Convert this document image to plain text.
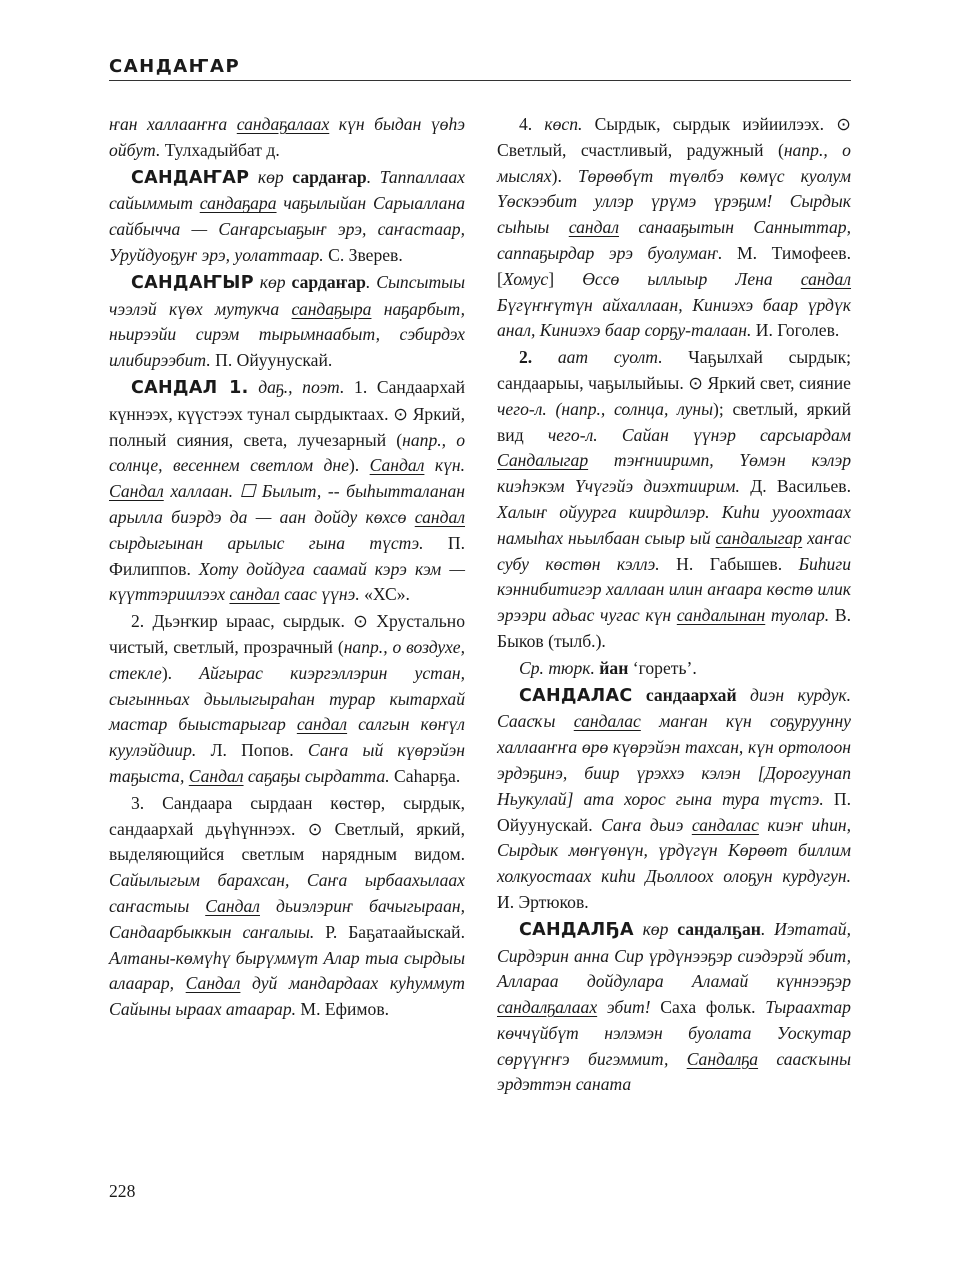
САНДАҤАР

ҥан халлааҥҥа сандаҕалаах күн быдан үөһэ ойбут. Тулхадыйбат д.

САНДАҤАР көр сардаҥар. Таппаллаах сайыммыт сандаҕара чаҕылыйан Сарыаллана сайбычча — Саҥарсыаҕыҥ эрэ, саҥастаар, Уруйдуоҕуҥ эрэ, уолаттаар. С. Зверев.

САНДАҤЫР көр сардаҥар. Сыпсытыы чээлэй күөх мутукча сандаҕыра наҕарбыт, ньирээйи сирэм тырымнаабыт, сэбирдэх илибирээбит. П. Ойуунускай.

САНДАЛ 1. даҕ., поэт. 1. Сандаархай күннээх, күүстээх тунал сырдыктаах. ⊙ Яркий, полный сияния, света, лучезарный (напр., о солнце, весеннем светлом дне). Сандал күн. Сандал халлаан. ☐ Былыт, -- быһытталанан арылла биэрдэ да — аан дойду көхсө сандал сырдыгынан арылыс гына түстэ. П. Филиппов. Хоту дойдуга саамай кэрэ кэм — күүттэриилээх сандал саас үүнэ. «ХС».

2. Дьэҥкир ыраас, сырдык. ⊙ Хрустально чистый, светлый, прозрачный (напр., о воздухе, стекле). Айгырас киэргэллэрин устан, сыгынньах дьылыгыраһан турар кытархай мастар быыстарыгар сандал салгын көҥүл куулэйдиир. Л. Попов. Саҥа ый күөрэйэн таҕыста, Сандал саҕаҕы сырдатта. Саһарҕа.

3. Сандаара сырдаан көстөр, сырдык, сандаархай дьүһүннээх. ⊙ Светлый, яркий, выделяющийся светлым нарядным видом. Сайылыгым барахсан, Саҥа ырбаахылаах саҥастыы Сандал дьиэлэриҥ бачыгыраан, Сандаарбыккын саҥалыы. Р. Баҕатаайыскай. Алтаны-көмүһү бырүммүт Алар тыа сырдыы алаарар, Сандал дуй мандардаах куһуммут Сайыны ыраах атаарар. М. Ефимов.

4. көсп. Сырдык, сырдык иэйиилээх. ⊙ Светлый, счастливый, радужный (напр., о мыслях). Төрөөбүт түөлбэ көмүс куолум Үөскээбит уллэр үрүмэ үрэҕим! Сырдык сыһыы сандал санааҕытын Санныттар, саппаҕырдар эрэ буолумаҥ. М. Тимофеев. [Хомус] Өссө ыллыыр Лена сандал Бүгүҥҥүтүн айхаллаан, Киниэхэ баар үрдүк анал, Киниэхэ баар сорҕу-талаан. И. Гоголев.

2. аат суолт. Чаҕылхай сырдык; сандаарыы, чаҕылыйыы. ⊙ Яркий свет, сияние чего-л. (напр., солнца, луны); светлый, яркий вид чего-л. Сайан үүнэр сарсыардам Сандалыгар тэҥнииримп, Үөмэн кэлэр киэһэкэм Үчүгэйэ диэхтиирим. Д. Васильев. Халыҥ ойуурга киирдилэр. Киһи ууоохтаах намыһах ньылбаан сыыр ый сандалыгар хаҥас субу көстөн кэллэ. Н. Габышев. Биһиги кэннибитигэр халлаан илин аҥаара көстө илик эрээри адьас чугас күн сандалынан туолар. В. Быков (тылб.).

Ср. тюрк. йан ‘гореть’.

САНДАЛАС сандаархай диэн курдук. Саасҡы сандалас маҥан күн соҕуруунну халлааҥҥа өрө күөрэйэн тахсан, күн ортолоон эрдэҕинэ, биир үрэххэ кэлэн [Дорогуунап Ньукулай] ата хорос гына тура түстэ. П. Ойуунускай. Саҥа дьиэ сандалас киэҥ иһин, Сырдык мөҥүөнүн, үрдүгүн Көрөөт биллим холкуостаах киһи Дьоллоох олоҕун курдугун. И. Эртюков.

САНДАЛҔА көр сандалҕан. Иэтатай, Сирдэрин анна Сир үрдүнээҕэр сиэдэрэй эбит, Алларaa дойдулара Аламай күннээҕэр сандалҕалаах эбит! Саха фольк. Тыраахтар көччүйбүт нэлэмэн буолата Уоскутар сөрүүҥҥэ бигэммит, Сандалҕа саасҡыны эрдэттэн саната

228
